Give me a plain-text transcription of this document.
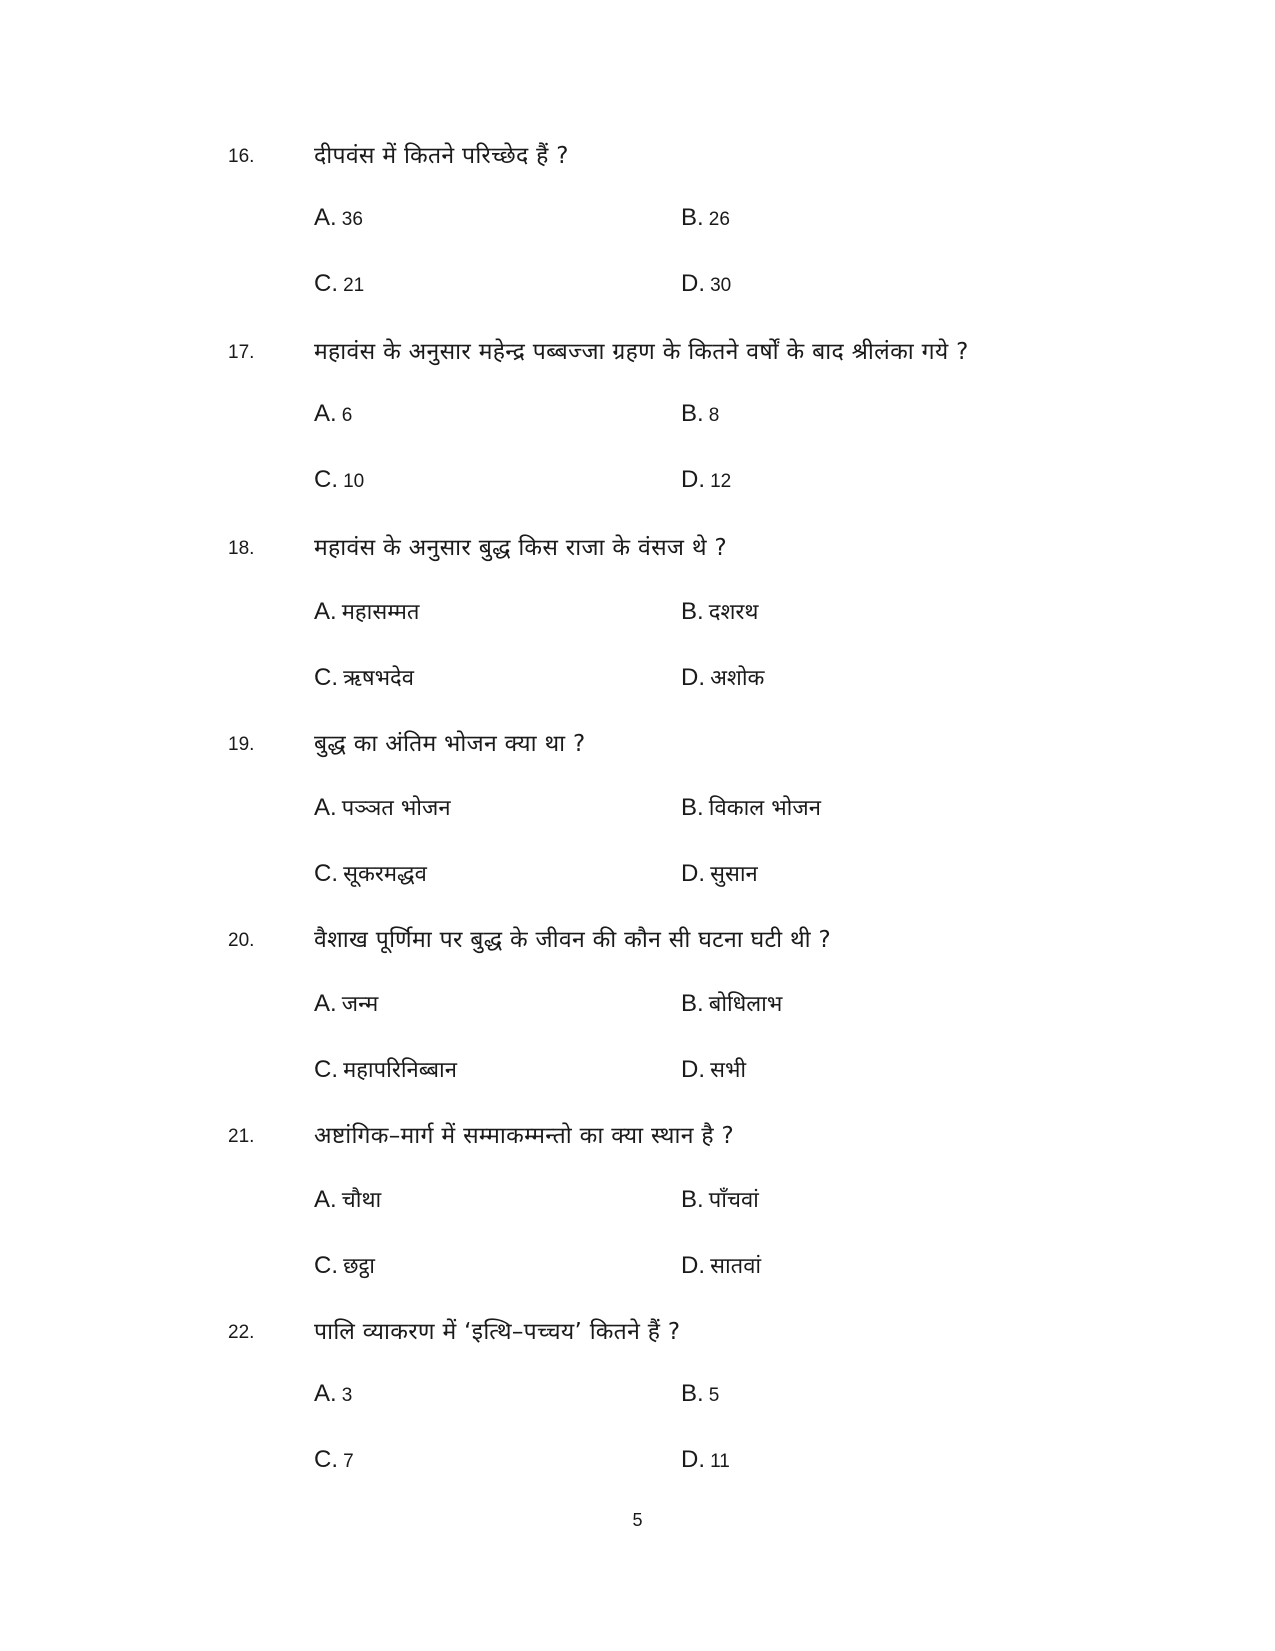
16.	दीपवंस में कितने परिच्छेद हैं ?
A. 36	B. 26
C. 21	D. 30
17.	महावंस के अनुसार महेन्द्र पब्बज्जा ग्रहण के कितने वर्षों के बाद श्रीलंका गये ?
A. 6	B. 8
C. 10	D. 12
18.	महावंस के अनुसार बुद्ध किस राजा के वंसज थे ?
A. महासम्मत	B. दशरथ
C. ऋषभदेव	D. अशोक
19.	बुद्ध का अंतिम भोजन क्या था ?
A. पञ्ञत भोजन	B. विकाल भोजन
C. सूकरमद्धव	D. सुसान
20.	वैशाख पूर्णिमा पर बुद्ध के जीवन की कौन सी घटना घटी थी ?
A. जन्म	B. बोधिलाभ
C. महापरिनिब्बान	D. सभी
21.	अष्टांगिक–मार्ग में सम्माकम्मन्तो का क्या स्थान है ?
A. चौथा	B. पाँचवां
C. छट्ठा	D. सातवां
22.	पालि व्याकरण में ‘इत्थि–पच्चय’ कितने हैं ?
A. 3	B. 5
C. 7	D. 11
5
